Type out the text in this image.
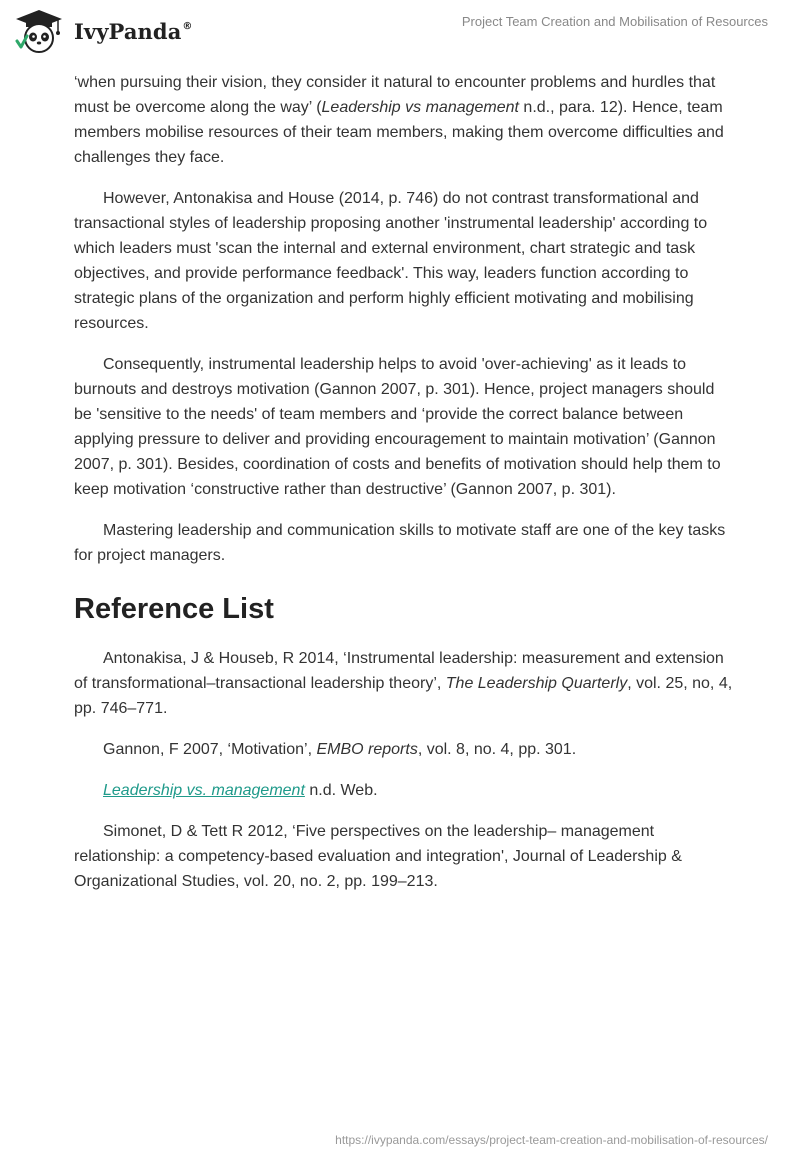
IvyPanda®	Project Team Creation and Mobilisation of Resources

‘when pursuing their vision, they consider it natural to encounter problems and hurdles that must be overcome along the way’ (Leadership vs management n.d., para. 12). Hence, team members mobilise resources of their team members, making them overcome difficulties and challenges they face.

However, Antonakisa and House (2014, p. 746) do not contrast transformational and transactional styles of leadership proposing another 'instrumental leadership' according to which leaders must 'scan the internal and external environment, chart strategic and task objectives, and provide performance feedback'. This way, leaders function according to strategic plans of the organization and perform highly efficient motivating and mobilising resources.

Consequently, instrumental leadership helps to avoid 'over-achieving' as it leads to burnouts and destroys motivation (Gannon 2007, p. 301). Hence, project managers should be 'sensitive to the needs' of team members and ‘provide the correct balance between applying pressure to deliver and providing encouragement to maintain motivation’ (Gannon 2007, p. 301). Besides, coordination of costs and benefits of motivation should help them to keep motivation ‘constructive rather than destructive’ (Gannon 2007, p. 301).

Mastering leadership and communication skills to motivate staff are one of the key tasks for project managers.

Reference List

Antonakisa, J & Houseb, R 2014, ‘Instrumental leadership: measurement and extension of transformational–transactional leadership theory’, The Leadership Quarterly, vol. 25, no, 4, pp. 746–771.

Gannon, F 2007, ‘Motivation’, EMBO reports, vol. 8, no. 4, pp. 301.

Leadership vs. management n.d. Web.

Simonet, D & Tett R 2012, ‘Five perspectives on the leadership– management relationship: a competency-based evaluation and integration', Journal of Leadership & Organizational Studies, vol. 20, no. 2, pp. 199–213.

https://ivypanda.com/essays/project-team-creation-and-mobilisation-of-resources/
